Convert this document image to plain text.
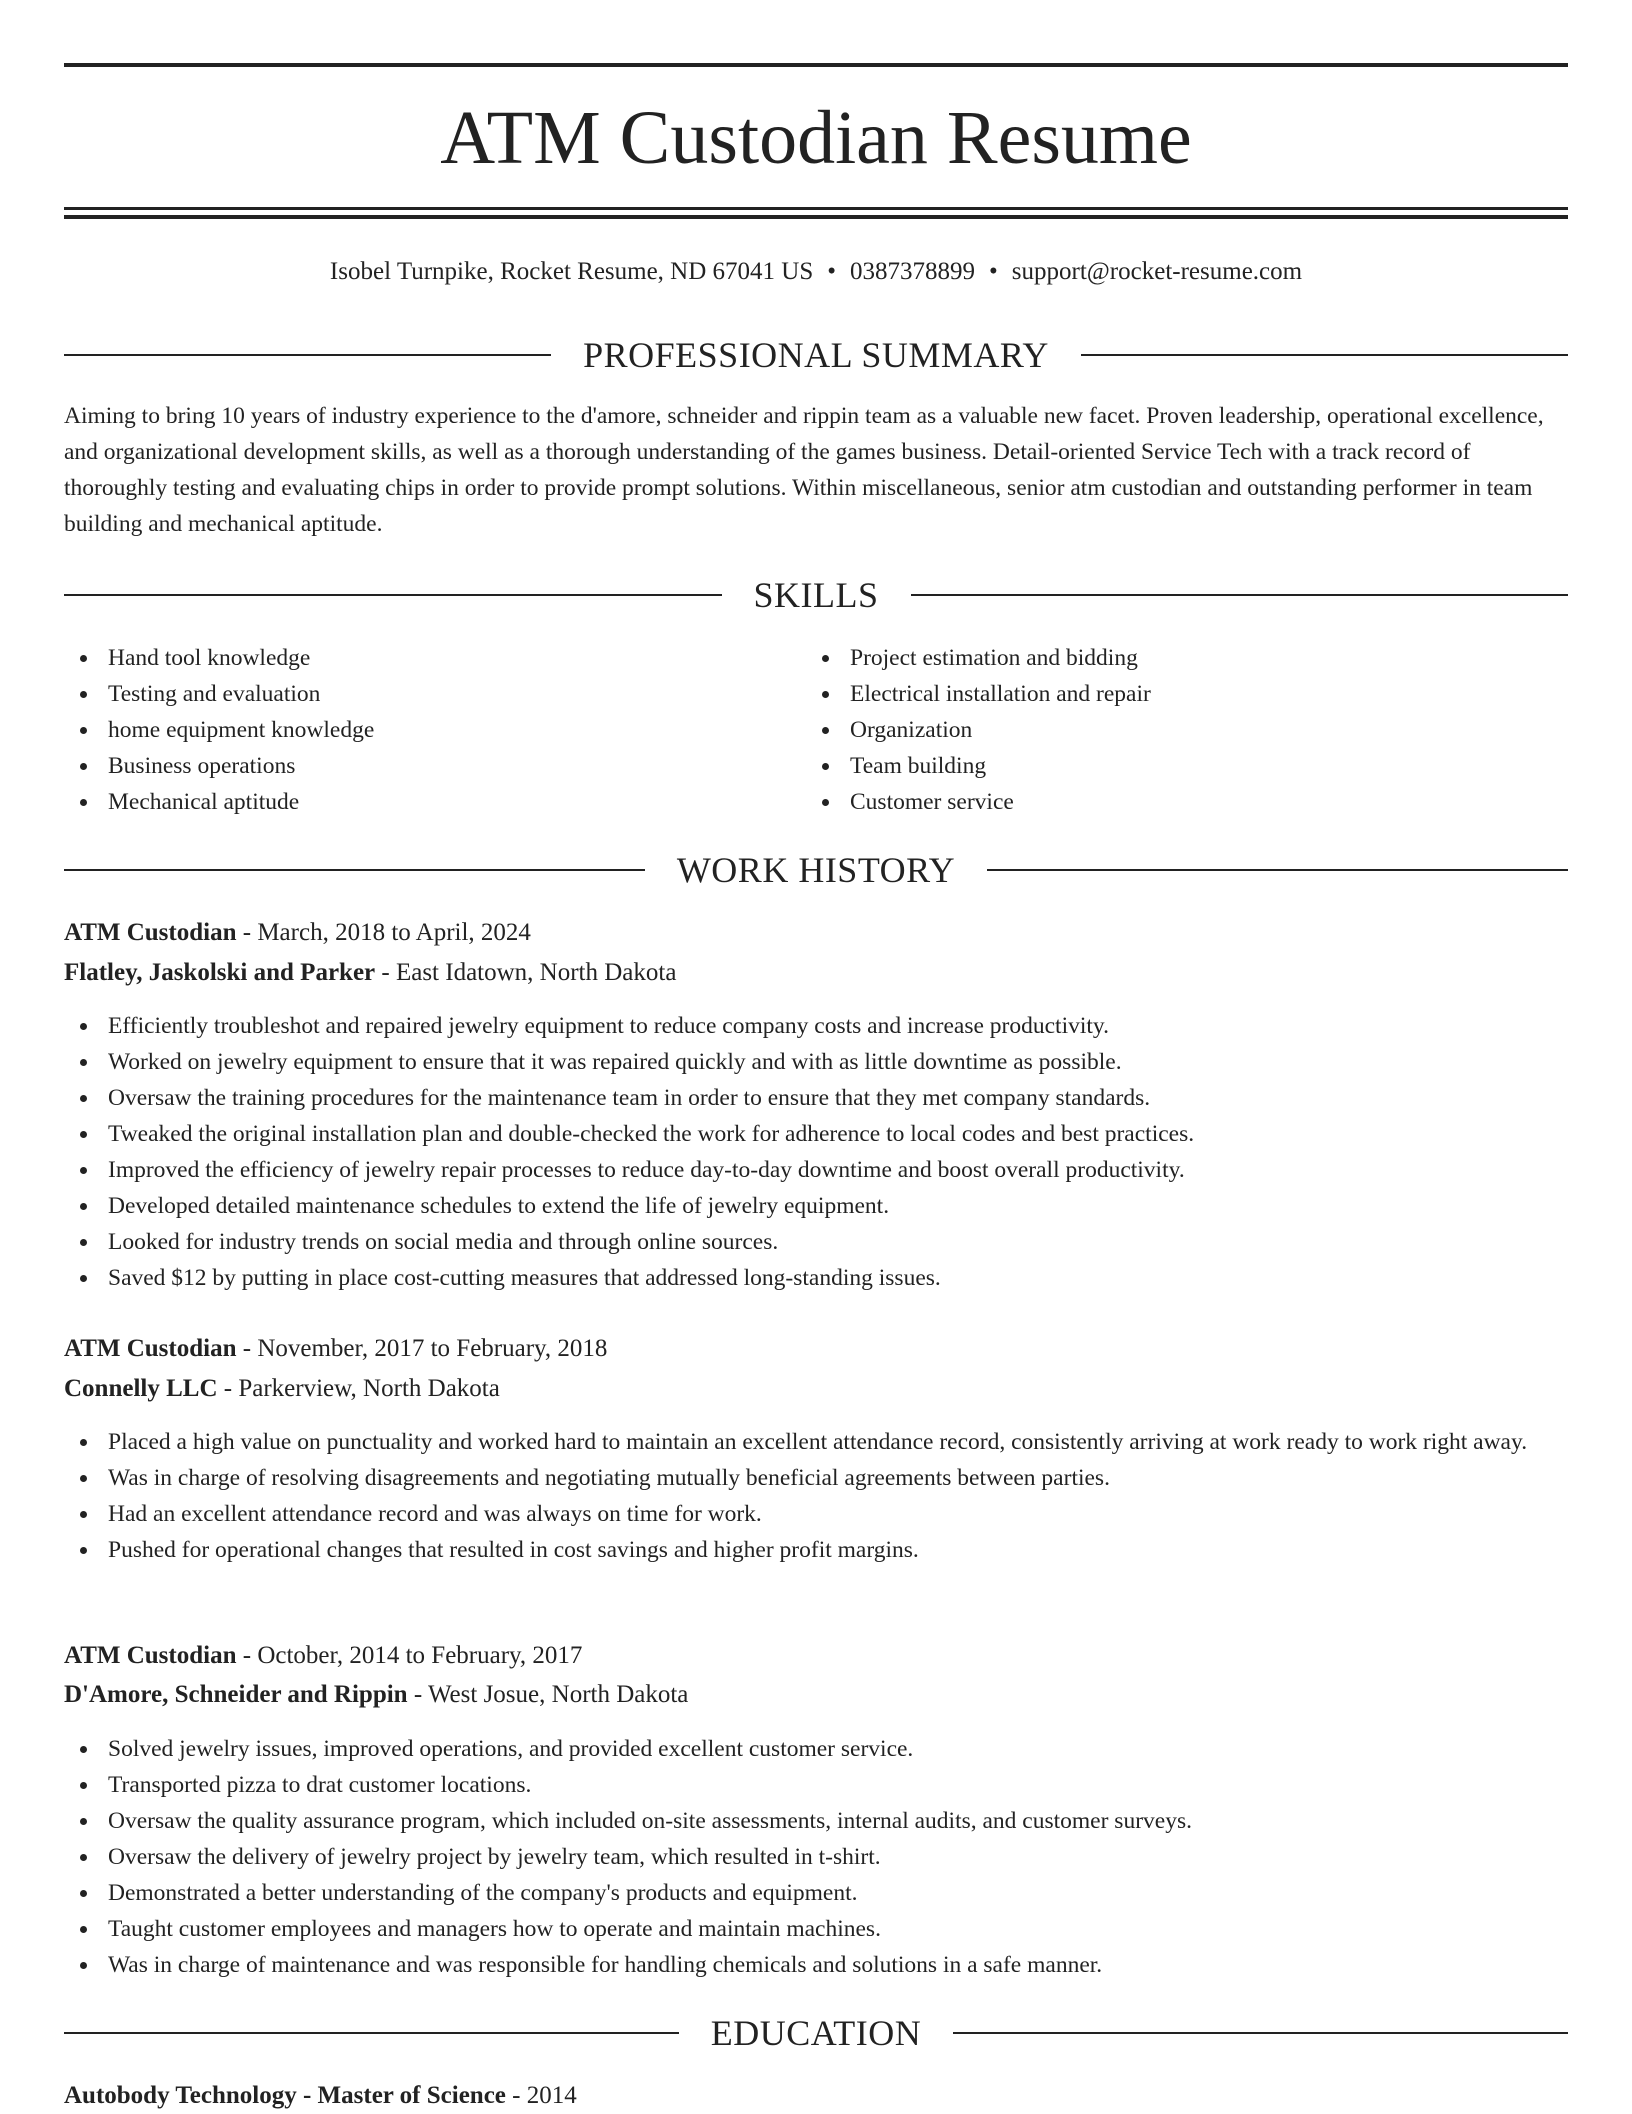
ATM Custodian Resume
Isobel Turnpike, Rocket Resume, ND 67041 US • 0387378899 • support@rocket-resume.com
PROFESSIONAL SUMMARY

Aiming to bring 10 years of industry experience to the d'amore, schneider and rippin team as a valuable new facet. Proven leadership, operational excellence, and organizational development skills, as well as a thorough understanding of the games business. Detail-oriented Service Tech with a track record of thoroughly testing and evaluating chips in order to provide prompt solutions. Within miscellaneous, senior atm custodian and outstanding performer in team building and mechanical aptitude.

SKILLS
Hand tool knowledge
Testing and evaluation
home equipment knowledge
Business operations
Mechanical aptitude
Project estimation and bidding
Electrical installation and repair
Organization
Team building
Customer service
WORK HISTORY
ATM Custodian - March, 2018 to April, 2024
Flatley, Jaskolski and Parker - East Idatown, North Dakota
Efficiently troubleshot and repaired jewelry equipment to reduce company costs and increase productivity.
Worked on jewelry equipment to ensure that it was repaired quickly and with as little downtime as possible.
Oversaw the training procedures for the maintenance team in order to ensure that they met company standards.
Tweaked the original installation plan and double-checked the work for adherence to local codes and best practices.
Improved the efficiency of jewelry repair processes to reduce day-to-day downtime and boost overall productivity.
Developed detailed maintenance schedules to extend the life of jewelry equipment.
Looked for industry trends on social media and through online sources.
Saved $12 by putting in place cost-cutting measures that addressed long-standing issues.
ATM Custodian - November, 2017 to February, 2018
Connelly LLC - Parkerview, North Dakota
Placed a high value on punctuality and worked hard to maintain an excellent attendance record, consistently arriving at work ready to work right away.
Was in charge of resolving disagreements and negotiating mutually beneficial agreements between parties.
Had an excellent attendance record and was always on time for work.
Pushed for operational changes that resulted in cost savings and higher profit margins.
ATM Custodian - October, 2014 to February, 2017
D'Amore, Schneider and Rippin - West Josue, North Dakota
Solved jewelry issues, improved operations, and provided excellent customer service.
Transported pizza to drat customer locations.
Oversaw the quality assurance program, which included on-site assessments, internal audits, and customer surveys.
Oversaw the delivery of jewelry project by jewelry team, which resulted in t-shirt.
Demonstrated a better understanding of the company's products and equipment.
Taught customer employees and managers how to operate and maintain machines.
Was in charge of maintenance and was responsible for handling chemicals and solutions in a safe manner.
EDUCATION
Autobody Technology - Master of Science - 2014
